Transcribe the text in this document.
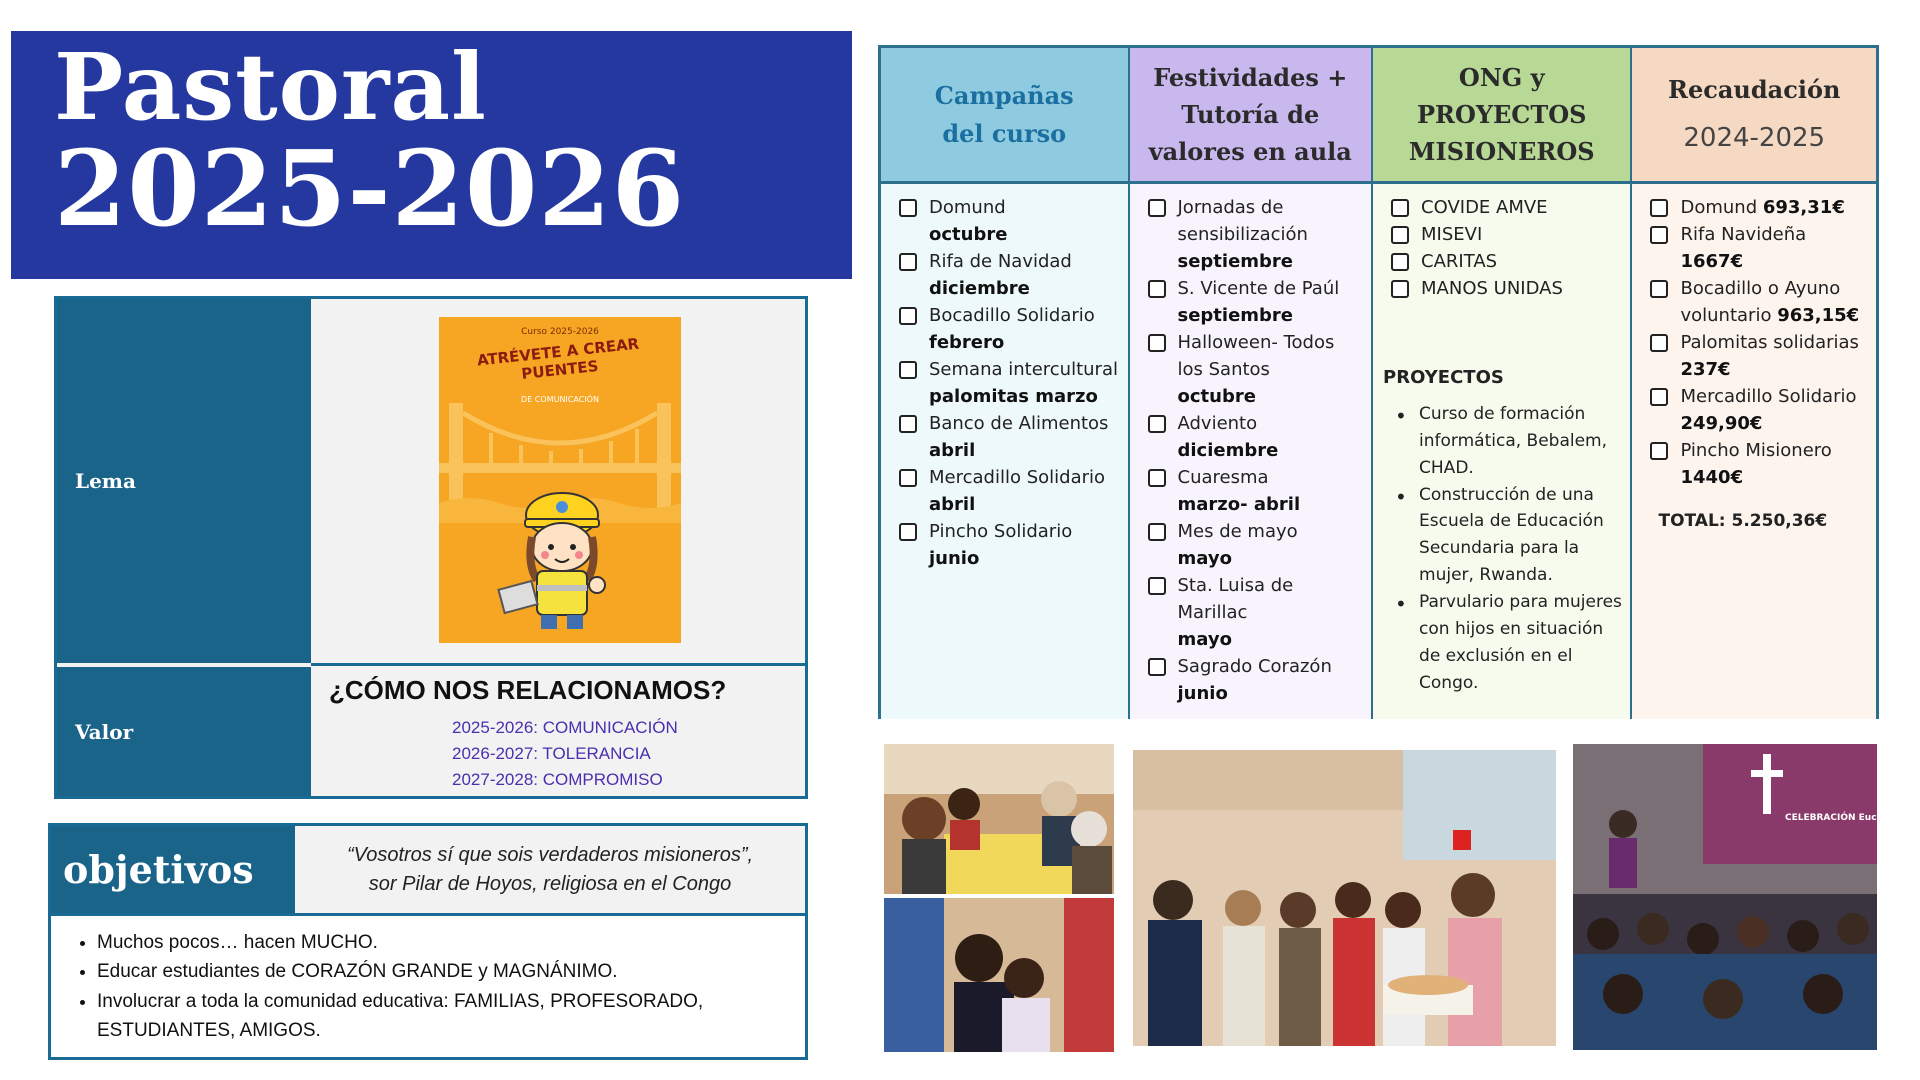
Pastoral
2025-2026
Lema
Valor
Curso 2025-2026
ATRÉVETE A CREAR PUENTES
DE COMUNICACIÓN
¿CÓMO NOS RELACIONAMOS?
2025-2026: COMUNICACIÓN
2026-2027: TOLERANCIA
2027-2028: COMPROMISO
objetivos	“Vosotros sí que sois verdaderos misioneros”,
sor Pilar de Hoyos, religiosa en el Congo
• Muchos pocos… hacen MUCHO.
• Educar estudiantes de CORAZÓN GRANDE y MAGNÁNIMO.
• Involucrar a toda la comunidad educativa: FAMILIAS, PROFESORADO, ESTUDIANTES, AMIGOS.
Campañas
del curso
Domund
octubre
Rifa de Navidad
diciembre
Bocadillo Solidario
febrero
Semana intercultural
palomitas marzo
Banco de Alimentos
abril
Mercadillo Solidario
abril
Pincho Solidario
junio
Festividades +
Tutoría de
valores en aula
Jornadas de sensibilización
septiembre
S. Vicente de Paúl
septiembre
Halloween- Todos los Santos
octubre
Adviento
diciembre
Cuaresma
marzo- abril
Mes de mayo
mayo
Sta. Luisa de Marillac
mayo
Sagrado Corazón
junio
ONG y
PROYECTOS
MISIONEROS
COVIDE AMVE
MISEVI
CARITAS
MANOS UNIDAS
PROYECTOS
• Curso de formación informática, Bebalem, CHAD.
• Construcción de una Escuela de Educación Secundaria para la mujer, Rwanda.
• Parvulario para mujeres con hijos en situación de exclusión en el Congo.
Recaudación
2024-2025
Domund 693,31€
Rifa Navideña
1667€
Bocadillo o Ayuno voluntario 963,15€
Palomitas solidarias 237€
Mercadillo Solidario
249,90€
Pincho Misionero
1440€
TOTAL: 5.250,36€
CELEBRACIÓN Eucarística
